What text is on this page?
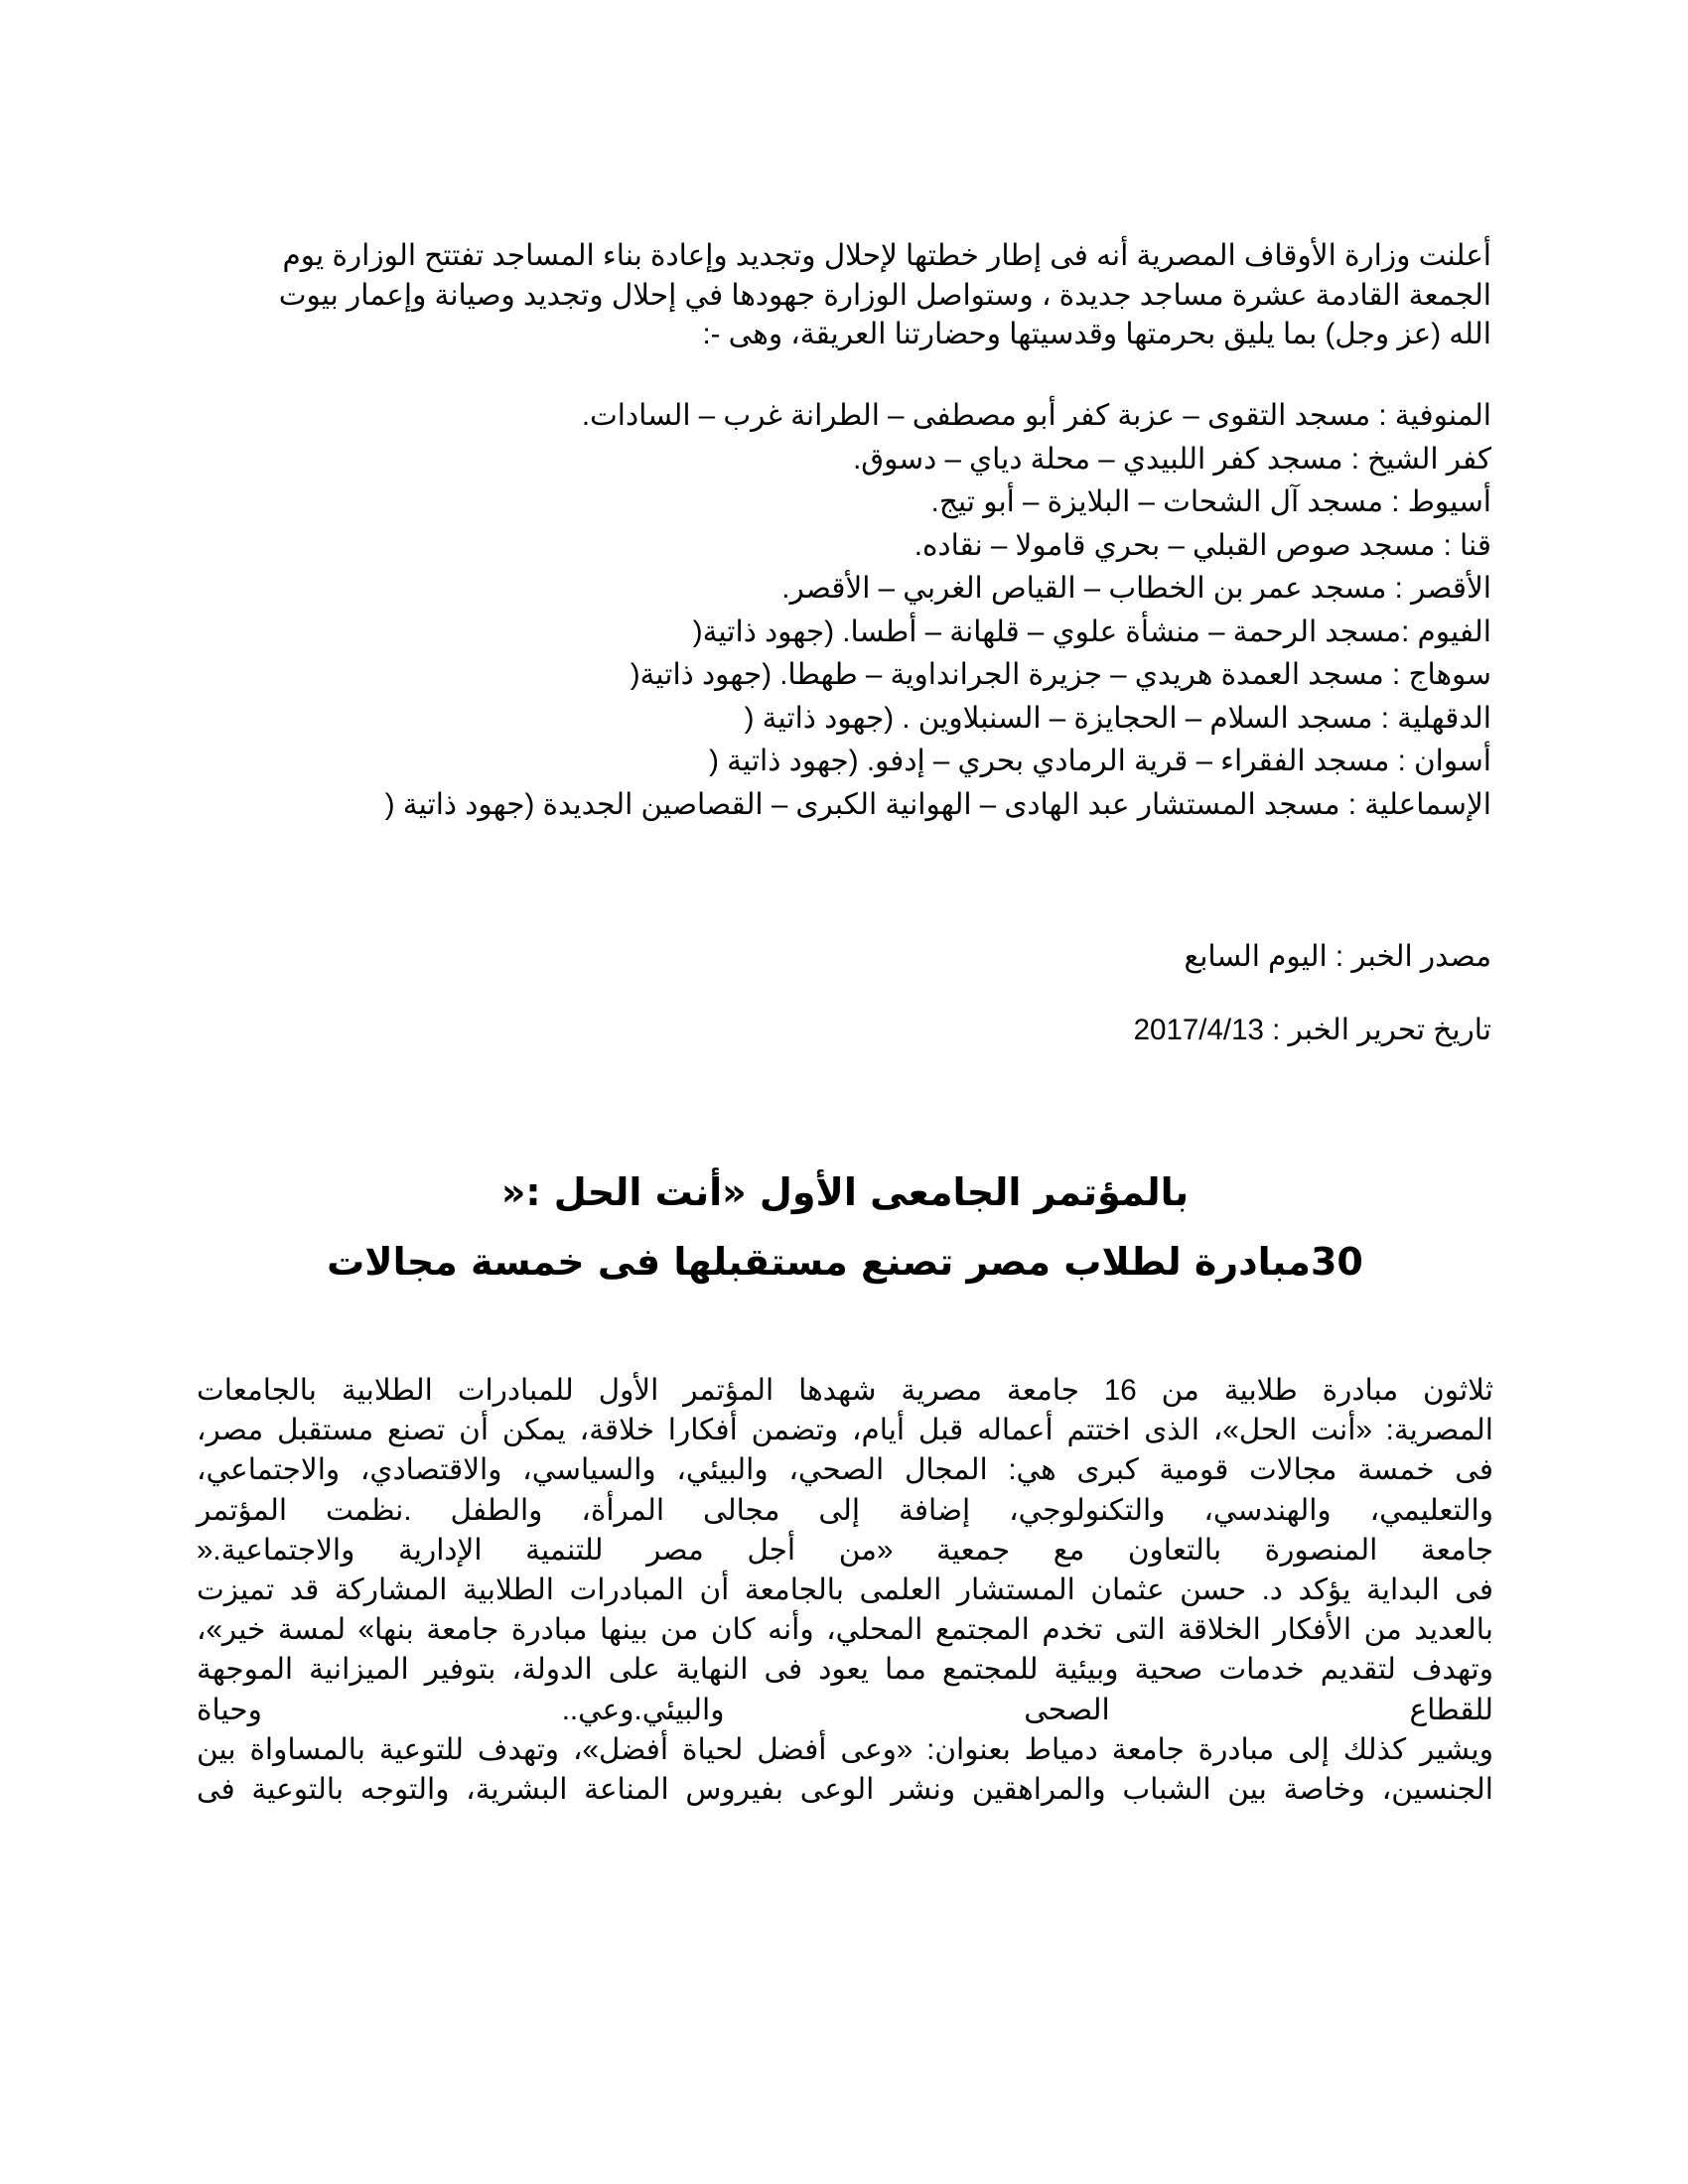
أعلنت وزارة الأوقاف المصرية أنه فى إطار خطتها لإحلال وتجديد وإعادة بناء المساجد تفتتح الوزارة يوم
الجمعة القادمة عشرة مساجد جديدة ، وستواصل الوزارة جهودها في إحلال وتجديد وصيانة وإعمار بيوت
الله (عز وجل) بما يليق بحرمتها وقدسيتها وحضارتنا العريقة، وهى -:
المنوفية : مسجد التقوى – عزبة كفر أبو مصطفى – الطرانة غرب – السادات.
كفر الشيخ : مسجد كفر اللبيدي – محلة دياي – دسوق.
أسيوط : مسجد آل الشحات – البلايزة – أبو تيج.
قنا : مسجد صوص القبلي – بحري قامولا – نقاده.
الأقصر : مسجد عمر بن الخطاب – القياص الغربي – الأقصر.
الفيوم :مسجد الرحمة – منشأة علوي – قلهانة – أطسا. (جهود ذاتية(
سوهاج : مسجد العمدة هريدي – جزيرة الجرانداوية – طهطا. (جهود ذاتية(
الدقهلية : مسجد السلام – الحجايزة – السنبلاوين . (جهود ذاتية (
أسوان : مسجد الفقراء – قرية الرمادي بحري – إدفو. (جهود ذاتية (
الإسماعلية : مسجد المستشار عبد الهادى – الهوانية الكبرى – القصاصين الجديدة (جهود ذاتية (
مصدر الخبر : اليوم السابع
تاريخ تحرير الخبر : 2017/4/13
بالمؤتمر الجامعى الأول «أنت الحل :«
30مبادرة لطلاب مصر تصنع مستقبلها فى خمسة مجالات
ثلاثون مبادرة طلابية من 16 جامعة مصرية شهدها المؤتمر الأول للمبادرات الطلابية بالجامعات
المصرية: «أنت الحل»، الذى اختتم أعماله قبل أيام، وتضمن أفكارا خلاقة، يمكن أن تصنع مستقبل مصر،
فى خمسة مجالات قومية كبرى هي: المجال الصحي، والبيئي، والسياسي، والاقتصادي، والاجتماعي،
والتعليمي، والهندسي، والتكنولوجي، إضافة إلى مجالى المرأة، والطفل .نظمت المؤتمر
جامعة المنصورة بالتعاون مع جمعية «من أجل مصر للتنمية الإدارية والاجتماعية.«
فى البداية يؤكد د. حسن عثمان المستشار العلمى بالجامعة أن المبادرات الطلابية المشاركة قد تميزت
بالعديد من الأفكار الخلاقة التى تخدم المجتمع المحلي، وأنه كان من بينها مبادرة جامعة بنها» لمسة خير»،
وتهدف لتقديم خدمات صحية وبيئية للمجتمع مما يعود فى النهاية على الدولة، بتوفير الميزانية الموجهة
للقطاع
الصحى
والبيئي.وعي..
وحياة
ويشير كذلك إلى مبادرة جامعة دمياط بعنوان: «وعى أفضل لحياة أفضل»، وتهدف للتوعية بالمساواة بين
الجنسين، وخاصة بين الشباب والمراهقين ونشر الوعى بفيروس المناعة البشرية، والتوجه بالتوعية فى
